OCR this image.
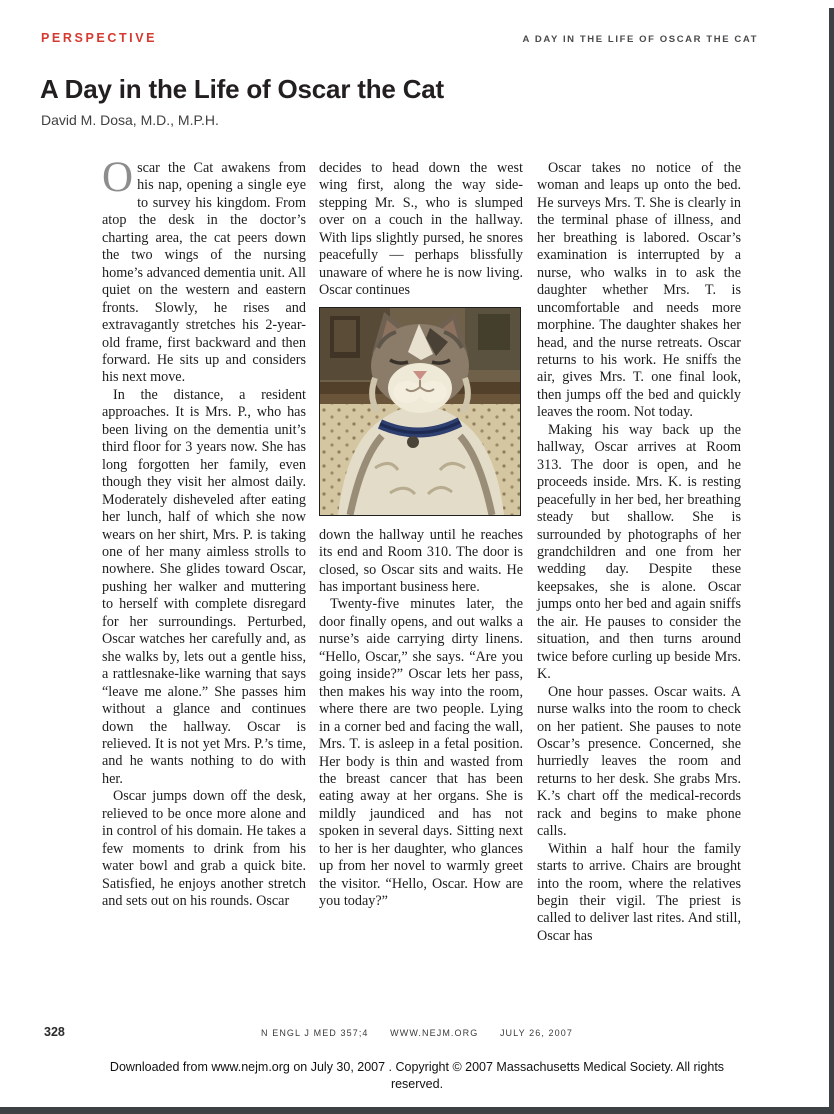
PERSPECTIVE	A DAY IN THE LIFE OF OSCAR THE CAT
A Day in the Life of Oscar the Cat
David M. Dosa, M.D., M.P.H.

Oscar the Cat awakens from his nap, opening a single eye to survey his kingdom. From atop the desk in the doctor’s charting area, the cat peers down the two wings of the nursing home’s advanced dementia unit. All quiet on the western and eastern fronts. Slowly, he rises and extravagantly stretches his 2-year-old frame, first backward and then forward. He sits up and considers his next move.

In the distance, a resident approaches. It is Mrs. P., who has been living on the dementia unit’s third floor for 3 years now. She has long forgotten her family, even though they visit her almost daily. Moderately disheveled after eating her lunch, half of which she now wears on her shirt, Mrs. P. is taking one of her many aimless strolls to nowhere. She glides toward Oscar, pushing her walker and muttering to herself with complete disregard for her surroundings. Perturbed, Oscar watches her carefully and, as she walks by, lets out a gentle hiss, a rattlesnake-like warning that says “leave me alone.” She passes him without a glance and continues down the hallway. Oscar is relieved. It is not yet Mrs. P.’s time, and he wants nothing to do with her.

Oscar jumps down off the desk, relieved to be once more alone and in control of his domain. He takes a few moments to drink from his water bowl and grab a quick bite. Satisfied, he enjoys another stretch and sets out on his rounds. Oscar

decides to head down the west wing first, along the way side-stepping Mr. S., who is slumped over on a couch in the hallway. With lips slightly pursed, he snores peacefully — perhaps blissfully unaware of where he is now living. Oscar continues

down the hallway until he reaches its end and Room 310. The door is closed, so Oscar sits and waits. He has important business here.

Twenty-five minutes later, the door finally opens, and out walks a nurse’s aide carrying dirty linens. “Hello, Oscar,” she says. “Are you going inside?” Oscar lets her pass, then makes his way into the room, where there are two people. Lying in a corner bed and facing the wall, Mrs. T. is asleep in a fetal position. Her body is thin and wasted from the breast cancer that has been eating away at her organs. She is mildly jaundiced and has not spoken in several days. Sitting next to her is her daughter, who glances up from her novel to warmly greet the visitor. “Hello, Oscar. How are you today?”

Oscar takes no notice of the woman and leaps up onto the bed. He surveys Mrs. T. She is clearly in the terminal phase of illness, and her breathing is labored. Oscar’s examination is interrupted by a nurse, who walks in to ask the daughter whether Mrs. T. is uncomfortable and needs more morphine. The daughter shakes her head, and the nurse retreats. Oscar returns to his work. He sniffs the air, gives Mrs. T. one final look, then jumps off the bed and quickly leaves the room. Not today.

Making his way back up the hallway, Oscar arrives at Room 313. The door is open, and he proceeds inside. Mrs. K. is resting peacefully in her bed, her breathing steady but shallow. She is surrounded by photographs of her grandchildren and one from her wedding day. Despite these keepsakes, she is alone. Oscar jumps onto her bed and again sniffs the air. He pauses to consider the situation, and then turns around twice before curling up beside Mrs. K.

One hour passes. Oscar waits. A nurse walks into the room to check on her patient. She pauses to note Oscar’s presence. Concerned, she hurriedly leaves the room and returns to her desk. She grabs Mrs. K.’s chart off the medical-records rack and begins to make phone calls.

Within a half hour the family starts to arrive. Chairs are brought into the room, where the relatives begin their vigil. The priest is called to deliver last rites. And still, Oscar has

328	N ENGL J MED 357;4 WWW.NEJM.ORG JULY 26, 2007
Downloaded from www.nejm.org on July 30, 2007 . Copyright © 2007 Massachusetts Medical Society. All rights reserved.
